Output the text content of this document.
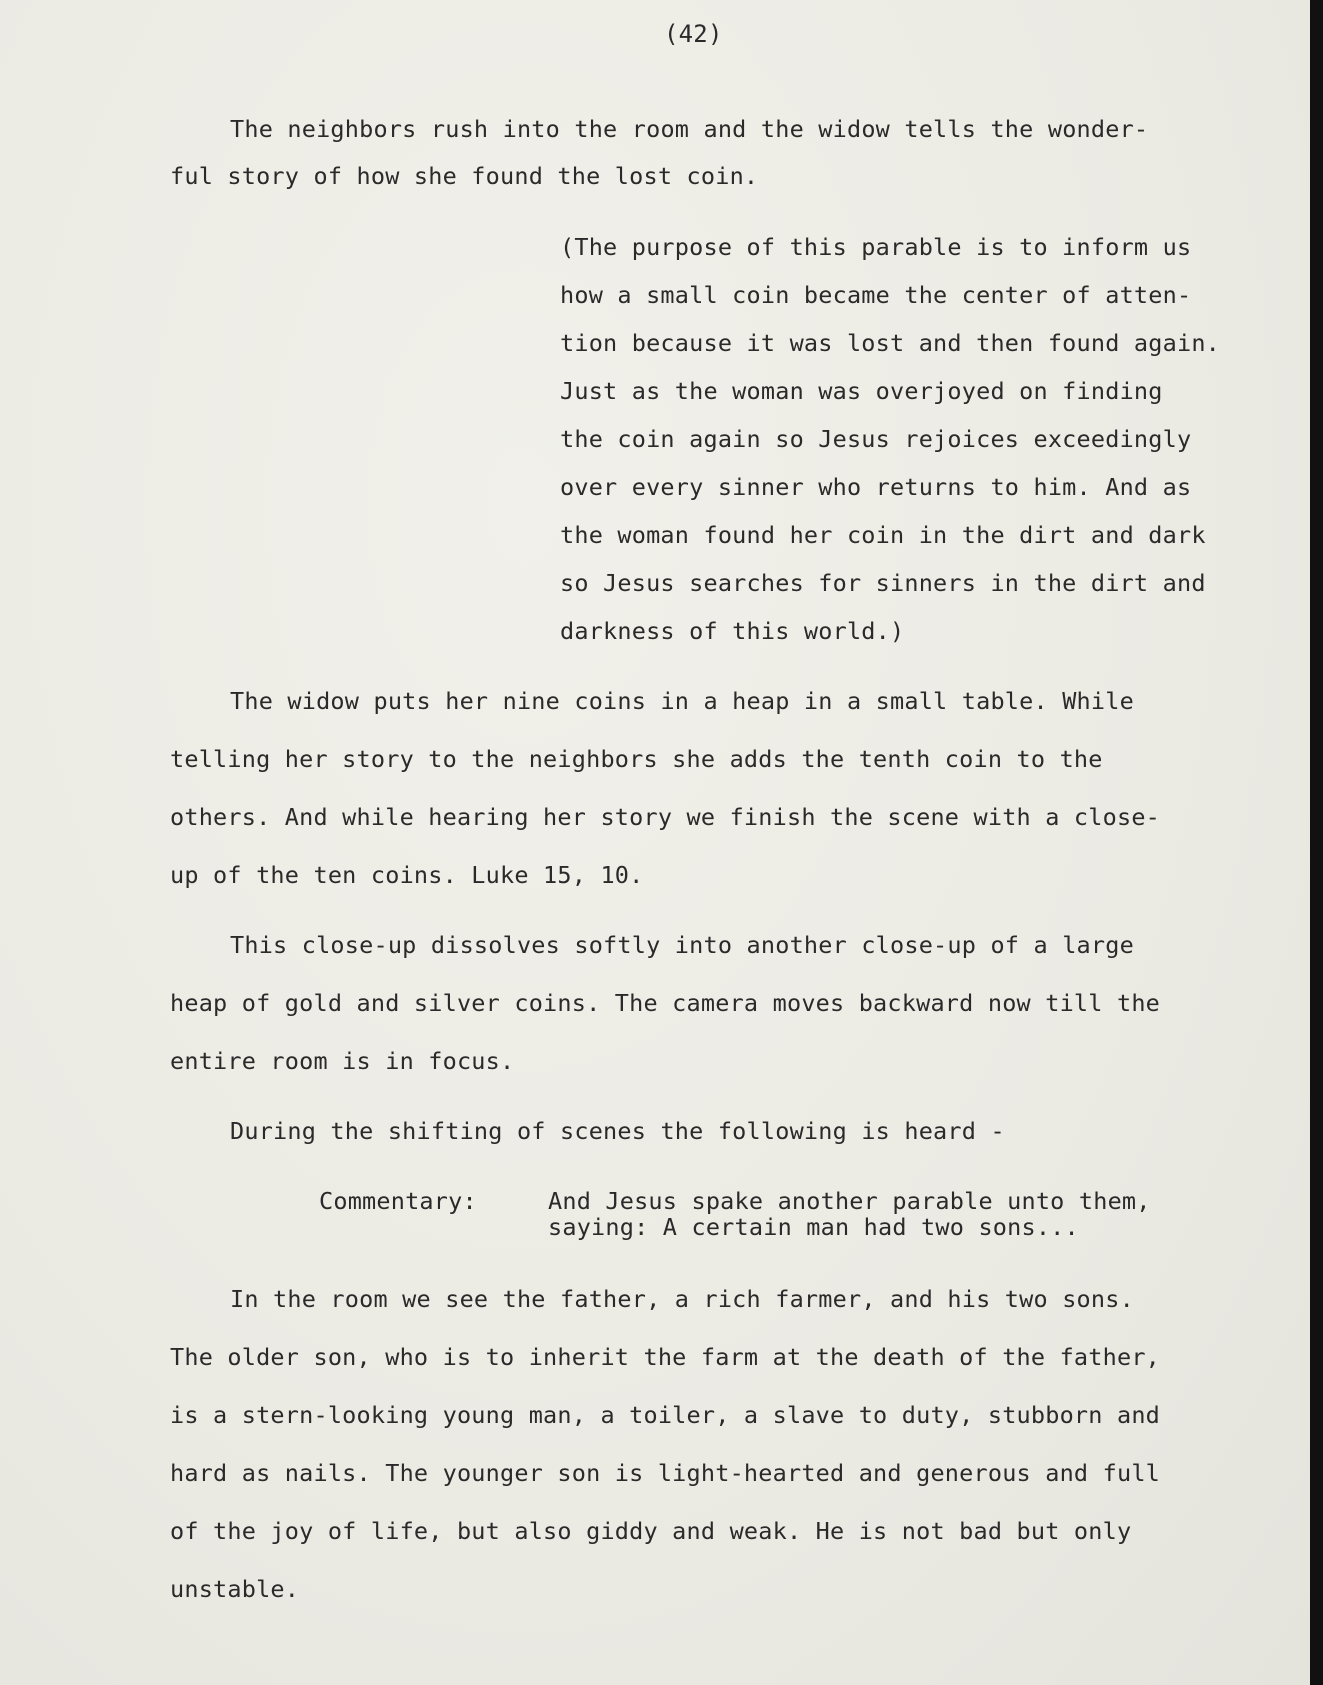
(42)
The neighbors rush into the room and the widow tells the wonder-
ful story of how she found the lost coin.
(The purpose of this parable is to inform us
how a small coin became the center of atten-
tion because it was lost and then found again.
Just as the woman was overjoyed on finding
the coin again so Jesus rejoices exceedingly
over every sinner who returns to him. And as
the woman found her coin in the dirt and dark
so Jesus searches for sinners in the dirt and
darkness of this world.)
The widow puts her nine coins in a heap in a small table. While
telling her story to the neighbors she adds the tenth coin to the
others. And while hearing her story we finish the scene with a close-
up of the ten coins. Luke 15, 10.
This close-up dissolves softly into another close-up of a large
heap of gold and silver coins. The camera moves backward now till the
entire room is in focus.
During the shifting of scenes the following is heard -
Commentary:	And Jesus spake another parable unto them,
saying: A certain man had two sons...
In the room we see the father, a rich farmer, and his two sons.
The older son, who is to inherit the farm at the death of the father,
is a stern-looking young man, a toiler, a slave to duty, stubborn and
hard as nails. The younger son is light-hearted and generous and full
of the joy of life, but also giddy and weak. He is not bad but only
unstable.
